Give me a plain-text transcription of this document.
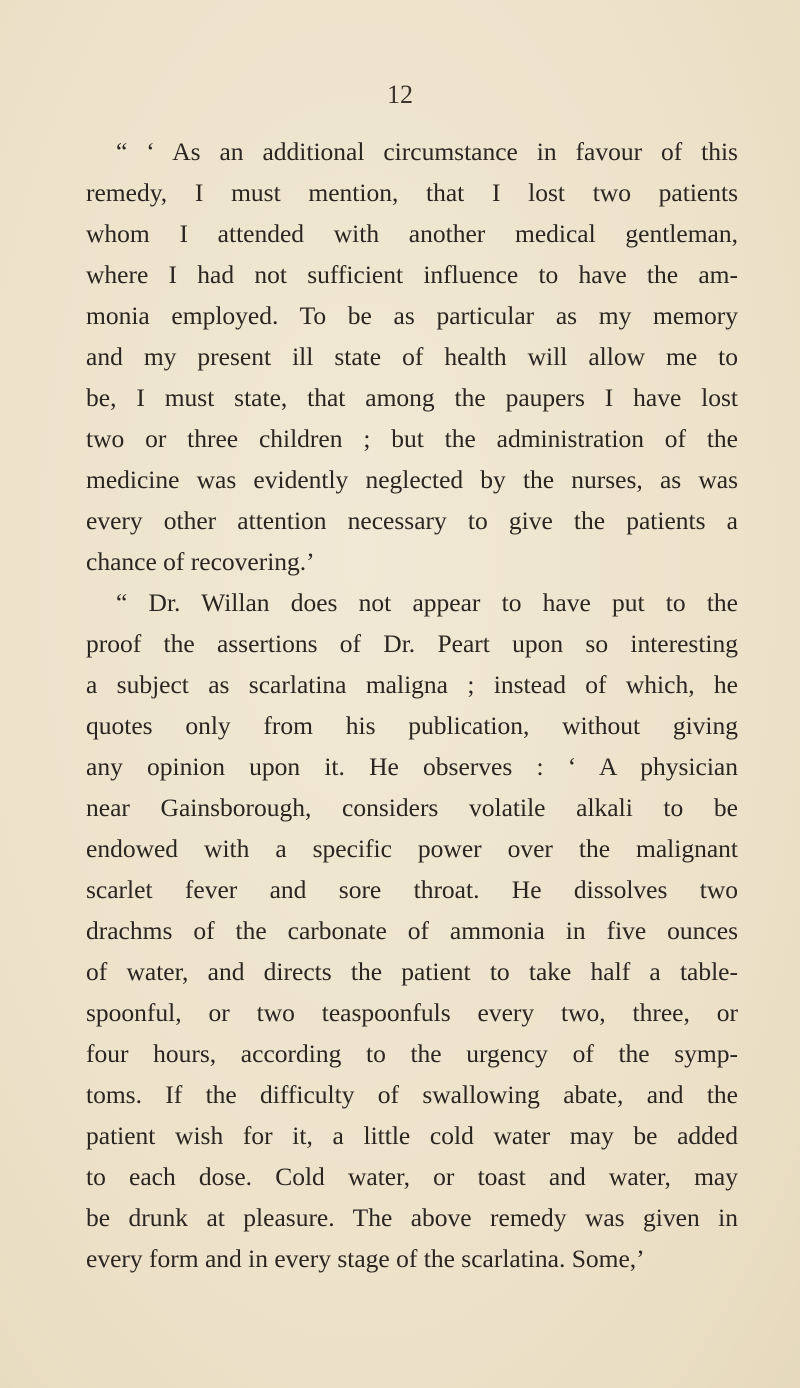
12
“ ‘ As an additional circumstance in favour of this
remedy, I must mention, that I lost two patients
whom I attended with another medical gentleman,
where I had not sufficient influence to have the am-
monia employed. To be as particular as my memory
and my present ill state of health will allow me to
be, I must state, that among the paupers I have lost
two or three children ; but the administration of the
medicine was evidently neglected by the nurses, as was
every other attention necessary to give the patients a
chance of recovering.’
“ Dr. Willan does not appear to have put to the
proof the assertions of Dr. Peart upon so interesting
a subject as scarlatina maligna ; instead of which, he
quotes only from his publication, without giving
any opinion upon it. He observes : ‘ A physician
near Gainsborough, considers volatile alkali to be
endowed with a specific power over the malignant
scarlet fever and sore throat. He dissolves two
drachms of the carbonate of ammonia in five ounces
of water, and directs the patient to take half a table-
spoonful, or two teaspoonfuls every two, three, or
four hours, according to the urgency of the symp-
toms. If the difficulty of swallowing abate, and the
patient wish for it, a little cold water may be added
to each dose. Cold water, or toast and water, may
be drunk at pleasure. The above remedy was given in
every form and in every stage of the scarlatina. Some,’
